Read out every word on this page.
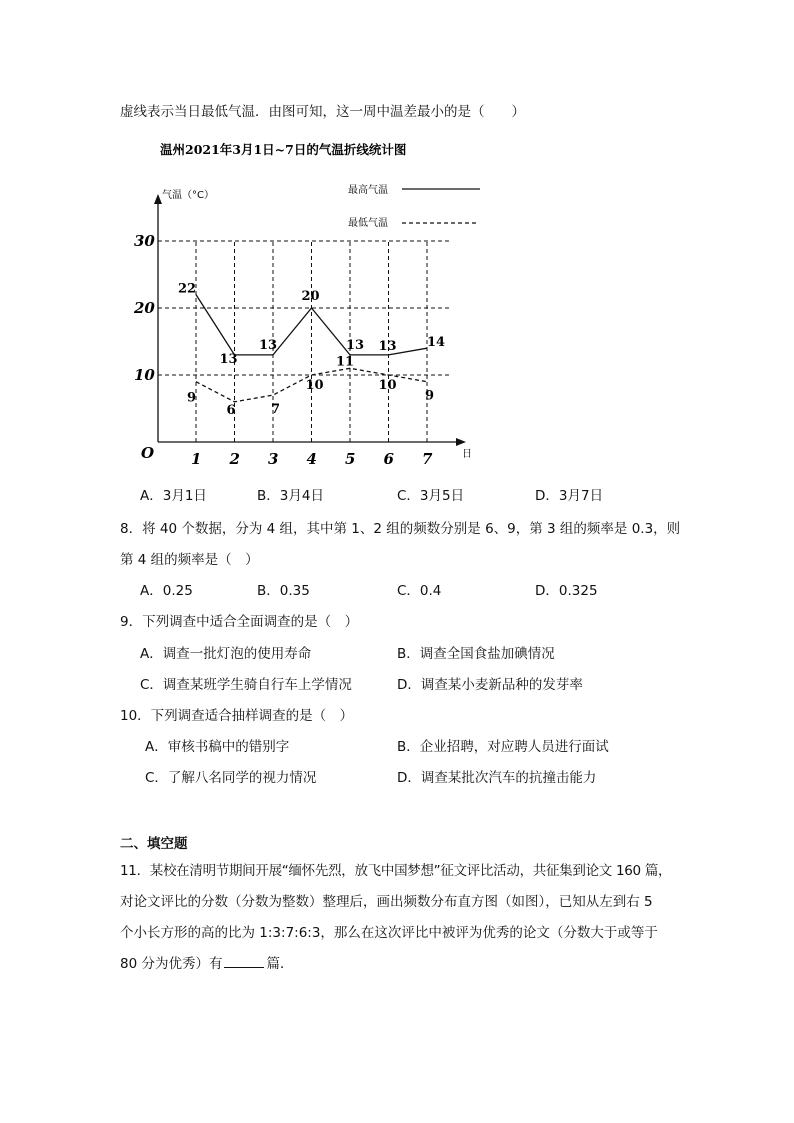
虚线表示当日最低气温．由图可知，这一周中温差最小的是（　　）
温州2021年3月1日~7日的气温折线统计图
最高气温
最低气温
气温（°C）
日
O
10
20
30
1 2 3 4 5 6 7
22
13
13
20
13 13 14
9
6	7
10
11
10
9
A．3月1日	B．3月4日	C．3月5日	D．3月7日
8．将 40 个数据，分为 4 组，其中第 1、2 组的频数分别是 6、9，第 3 组的频率是 0.3，则
第 4 组的频率是（　）
A．0.25	B．0.35	C．0.4	D．0.325
9．下列调查中适合全面调查的是（　）
A．调查一批灯泡的使用寿命	B．调查全国食盐加碘情况
C．调查某班学生骑自行车上学情况	D．调查某小麦新品种的发芽率
10．下列调查适合抽样调查的是（　）
A．审核书稿中的错别字	B．企业招聘，对应聘人员进行面试
C．了解八名同学的视力情况	D．调查某批次汽车的抗撞击能力
二、填空题
11．某校在清明节期间开展“缅怀先烈，放飞中国梦想”征文评比活动，共征集到论文 160 篇，
对论文评比的分数（分数为整数）整理后，画出频数分布直方图（如图），已知从左到右 5
个小长方形的高的比为 1:3:7:6:3，那么在这次评比中被评为优秀的论文（分数大于或等于
80 分为优秀）有	篇．
